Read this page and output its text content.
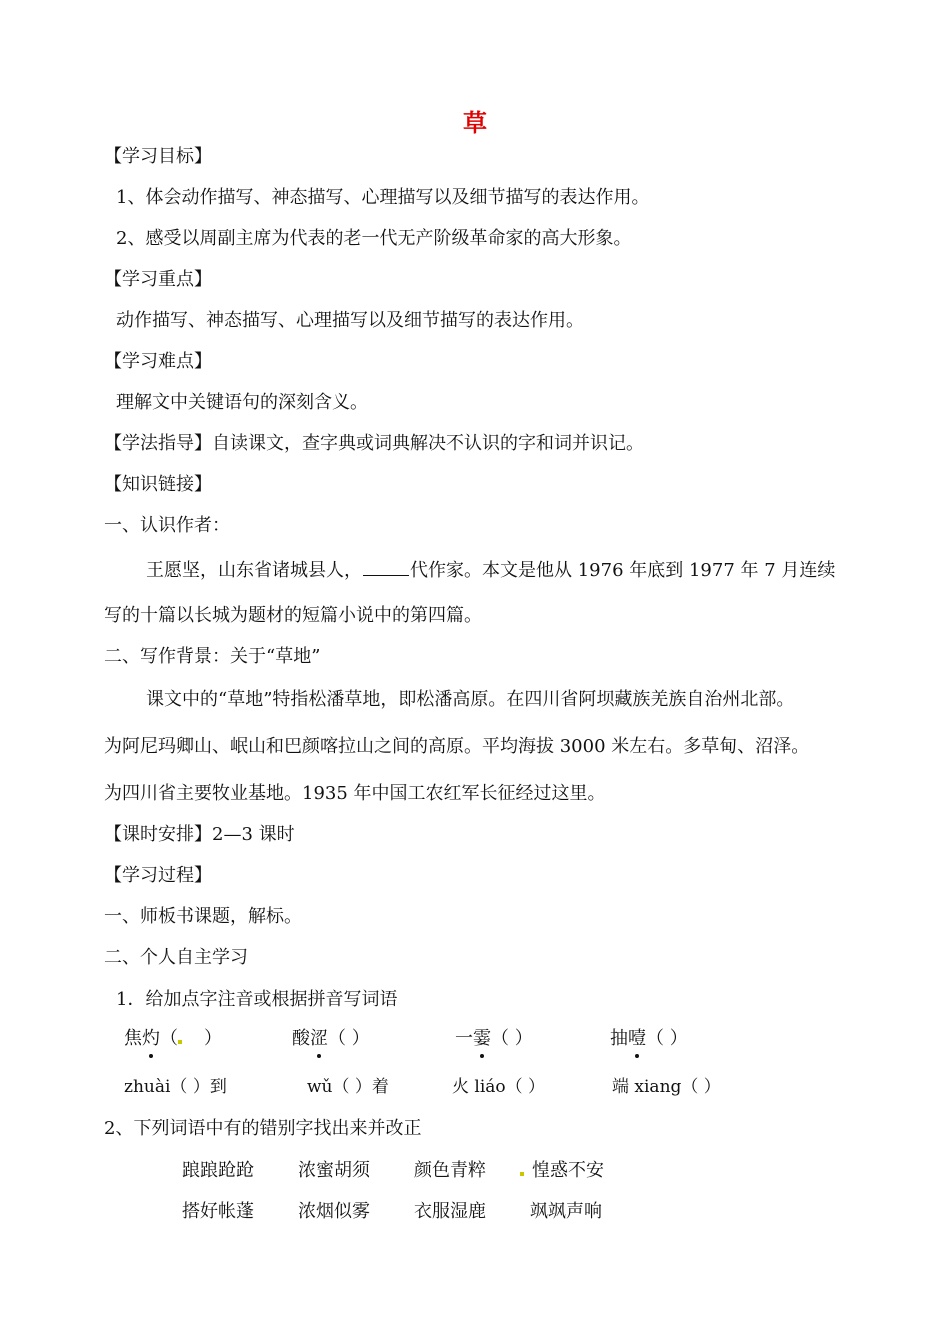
草
【学习目标】
1、体会动作描写、神态描写、心理描写以及细节描写的表达作用。
2、感受以周副主席为代表的老一代无产阶级革命家的高大形象。
【学习重点】
动作描写、神态描写、心理描写以及细节描写的表达作用。
【学习难点】
理解文中关键语句的深刻含义。
【学法指导】自读课文，查字典或词典解决不认识的字和词并识记。
【知识链接】
一、认识作者：
王愿坚，山东省诸城县人，	代作家。本文是他从 1976 年底到 1977 年 7 月连续
写的十篇以长城为题材的短篇小说中的第四篇。
二、写作背景：关于“草地”
课文中的“草地”特指松潘草地，即松潘高原。在四川省阿坝藏族羌族自治州北部。
为阿尼玛卿山、岷山和巴颜喀拉山之间的高原。平均海拔 3000 米左右。多草甸、沼泽。
为四川省主要牧业基地。1935 年中国工农红军长征经过这里。
【课时安排】2—3 课时
【学习过程】
一、师板书课题，解标。
二、个人自主学习
1．给加点字注音或根据拼音写词语
焦灼（ ）	酸涩（ ）	一霎（ ）	抽噎（ ）
zhuài（ ）到	wǔ（ ）着	火 liáo（ ）	端 xiang（ ）
2、下列词语中有的错别字找出来并改正
踉踉跄跄 浓蜜胡须 颜色青粹	惶惑不安
搭好帐蓬 浓烟似雾 衣服湿鹿 飒飒声响
